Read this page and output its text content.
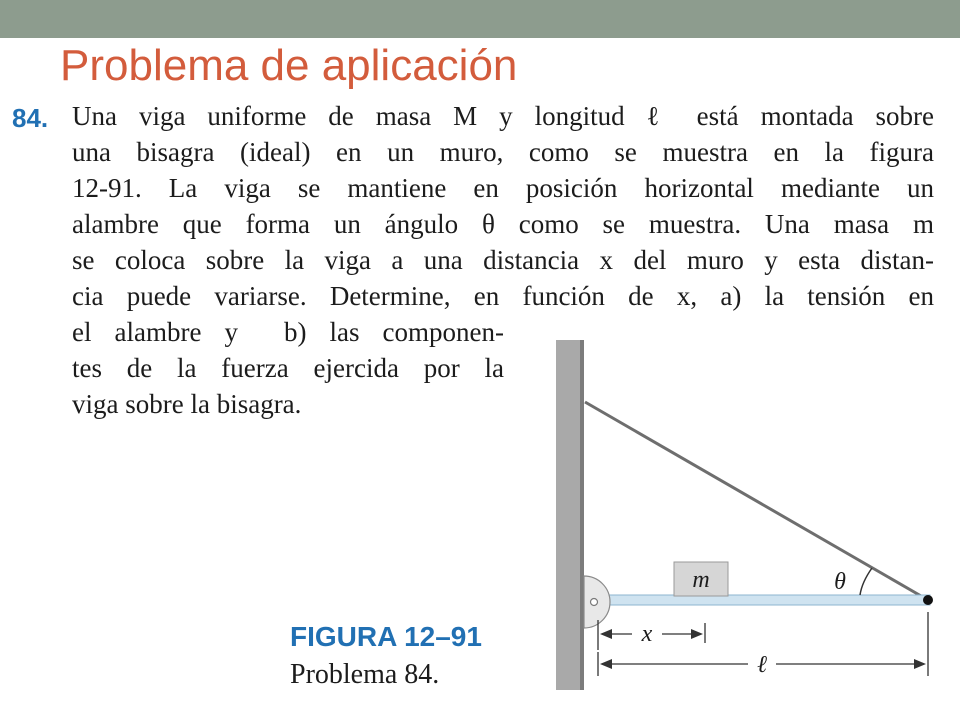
Problema de aplicación
84. Una viga uniforme de masa M y longitud ℓ está montada sobre
una bisagra (ideal) en un muro, como se muestra en la figura
12-91. La viga se mantiene en posición horizontal mediante un
alambre que forma un ángulo θ como se muestra. Una masa m
se coloca sobre la viga a una distancia x del muro y esta distan-
cia puede variarse. Determine, en función de x, a) la tensión en
el alambre y  b) las componen-
tes de la fuerza ejercida por la
viga sobre la bisagra.
m	θ
x
ℓ
FIGURA 12–91
Problema 84.
